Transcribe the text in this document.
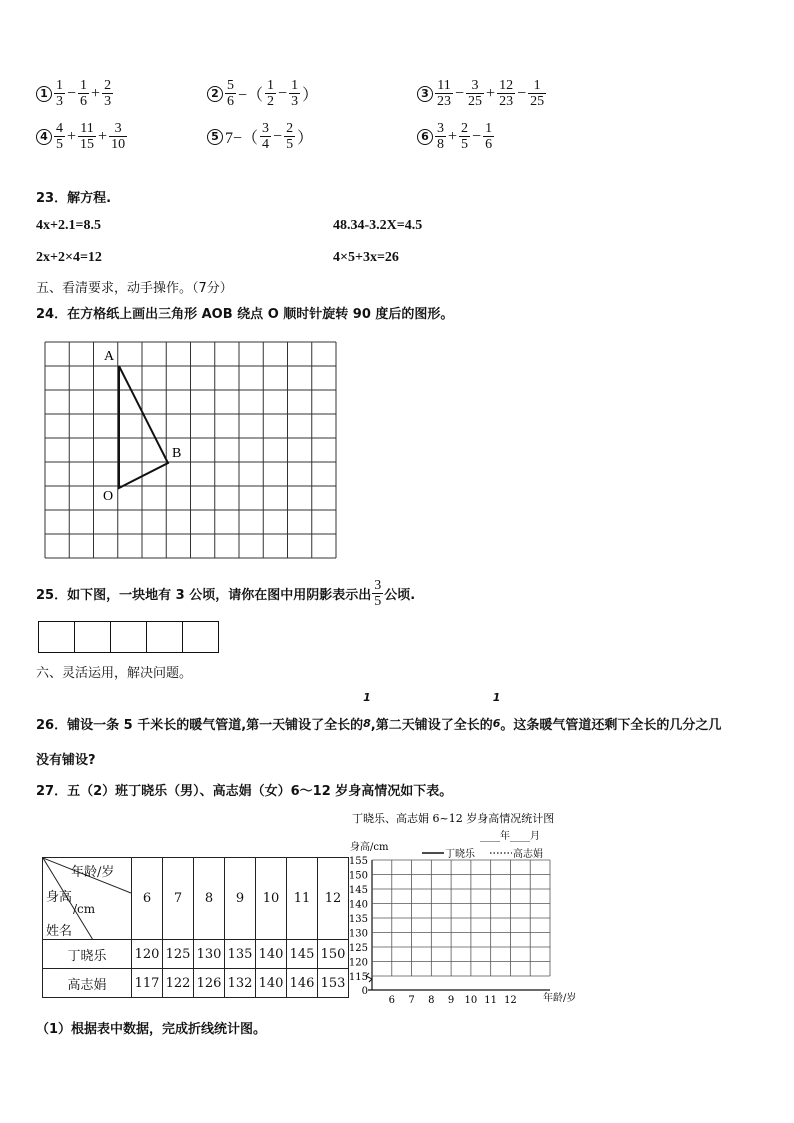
$1 \frac{1}{3} - \frac{1}{6} + \frac{2}{3}$	$2 \frac{5}{6}$ −（ $\frac{1}{2} - \frac{1}{3}$ ）	$3 \frac{11}{23} - \frac{3}{25} + \frac{12}{23} - \frac{1}{25}$
$4 \frac{4}{5} + \frac{11}{15} + \frac{3}{10}$	5 $7-( \frac{3}{4} - \frac{2}{5}$ ）	$6 \frac{3}{8} + \frac{2}{5} - \frac{1}{6}$
23．解方程.
4x+2.1=8.5	48.34-3.2X=4.5
2x+2×4=12	4×5+3x=26
五、看清要求，动手操作。（7分）
24．在方格纸上画出三角形 AOB 绕点 O 顺时针旋转 90 度后的图形。
A
B
O
25．如下图，一块地有 3 公顷，请你在图中用阴影表示出 $\frac{3}{5}$ 公顷.
六、灵活运用，解决问题。
26．铺设一条 5 千米长的暖气管道,第一天铺设了全长的
1
8 ,第二天铺设了全长的
1
6 。这条暖气管道还剩下全长的几分之几
没有铺设?
27．五（2）班丁晓乐（男）、高志娟（女）6～12 岁身高情况如下表。
年龄/岁
身高
/cm
姓名	6	7	8	9	10	11	12
丁晓乐	120	125	130	135	140	145	150
高志娟	117	122	126	132	140	146	153
丁晓乐、高志娟 6~12 岁身高情况统计图
____年____月
身高/cm
丁晓乐	高志娟
155
150
145
140
135
130
125
120
115
0
6 7 8 9 10 11 12	年龄/岁
（1）根据表中数据，完成折线统计图。
